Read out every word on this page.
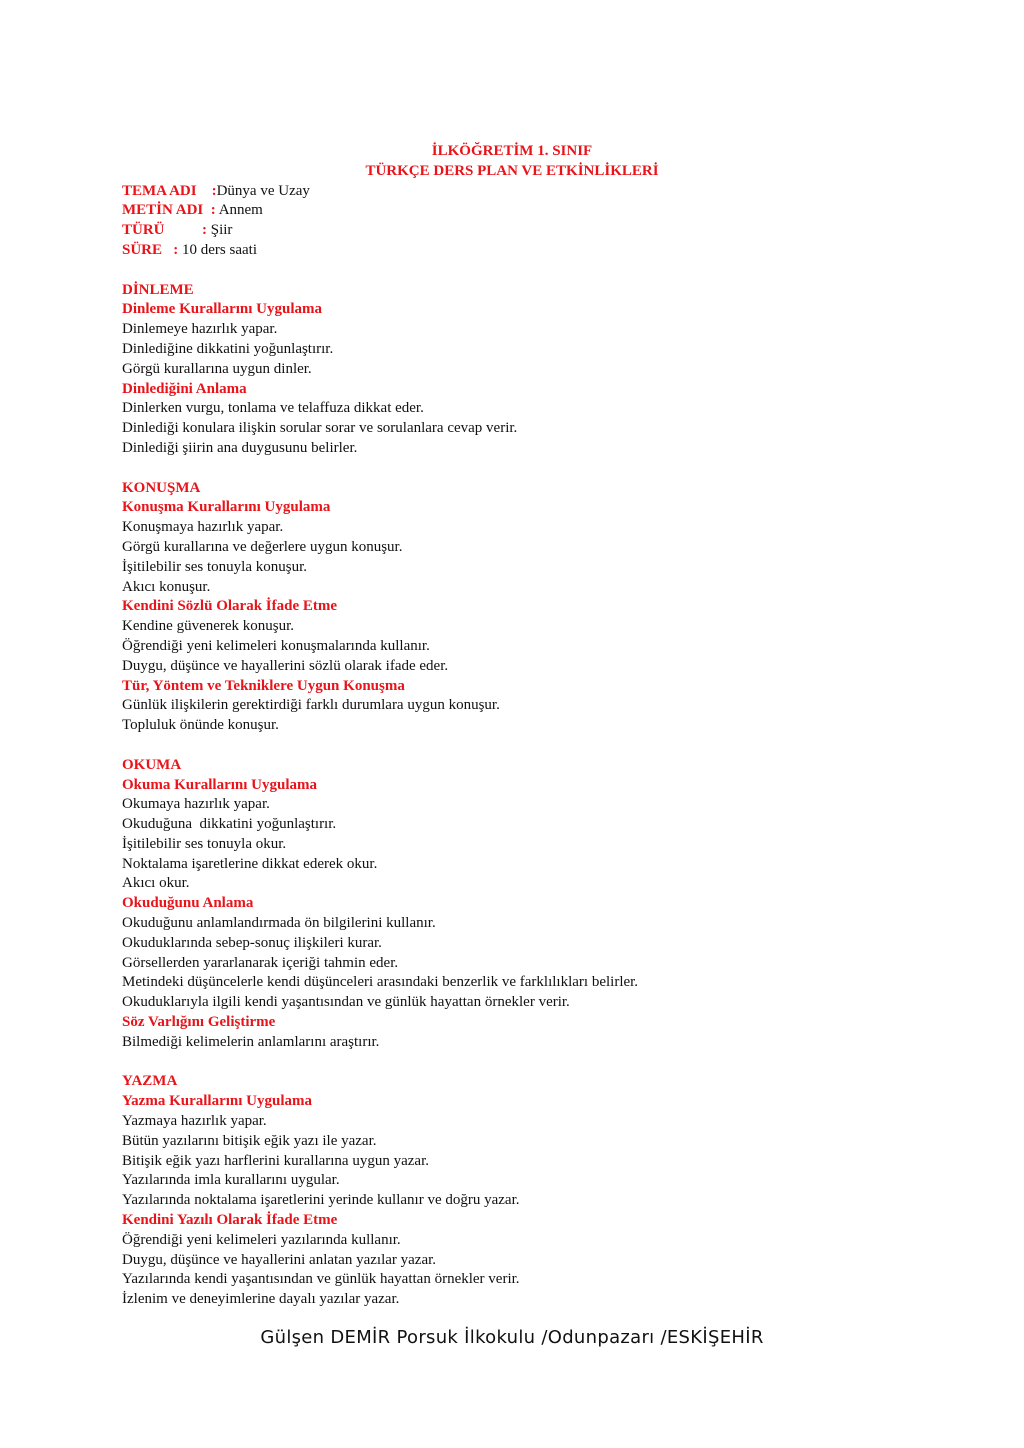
İLKÖĞRETİM 1. SINIF
TÜRKÇE DERS PLAN VE ETKİNLİKLERİ
TEMA ADI    : Dünya ve Uzay
METİN ADI  : Annem
TÜRÜ          : Şiir
SÜRE   : 10 ders saati
DİNLEME
Dinleme Kurallarını Uygulama
Dinlemeye hazırlık yapar.
Dinlediğine dikkatini yoğunlaştırır.
Görgü kurallarına uygun dinler.
Dinlediğini Anlama
Dinlerken vurgu, tonlama ve telaffuza dikkat eder.
Dinlediği konulara ilişkin sorular sorar ve sorulanlara cevap verir.
Dinlediği şiirin ana duygusunu belirler.
KONUŞMA
Konuşma Kurallarını Uygulama
Konuşmaya hazırlık yapar.
Görgü kurallarına ve değerlere uygun konuşur.
İşitilebilir ses tonuyla konuşur.
Akıcı konuşur.
Kendini Sözlü Olarak İfade Etme
Kendine güvenerek konuşur.
Öğrendiği yeni kelimeleri konuşmalarında kullanır.
Duygu, düşünce ve hayallerini sözlü olarak ifade eder.
Tür, Yöntem ve Tekniklere Uygun Konuşma
Günlük ilişkilerin gerektirdiği farklı durumlara uygun konuşur.
Topluluk önünde konuşur.
OKUMA
Okuma Kurallarını Uygulama
Okumaya hazırlık yapar.
Okuduğuna  dikkatini yoğunlaştırır.
İşitilebilir ses tonuyla okur.
Noktalama işaretlerine dikkat ederek okur.
Akıcı okur.
Okuduğunu Anlama
Okuduğunu anlamlandırmada ön bilgilerini kullanır.
Okuduklarında sebep-sonuç ilişkileri kurar.
Görsellerden yararlanarak içeriği tahmin eder.
Metindeki düşüncelerle kendi düşünceleri arasındaki benzerlik ve farklılıkları belirler.
Okuduklarıyla ilgili kendi yaşantısından ve günlük hayattan örnekler verir.
Söz Varlığını Geliştirme
Bilmediği kelimelerin anlamlarını araştırır.
YAZMA
Yazma Kurallarını Uygulama
Yazmaya hazırlık yapar.
Bütün yazılarını bitişik eğik yazı ile yazar.
Bitişik eğik yazı harflerini kurallarına uygun yazar.
Yazılarında imla kurallarını uygular.
Yazılarında noktalama işaretlerini yerinde kullanır ve doğru yazar.
Kendini Yazılı Olarak İfade Etme
Öğrendiği yeni kelimeleri yazılarında kullanır.
Duygu, düşünce ve hayallerini anlatan yazılar yazar.
Yazılarında kendi yaşantısından ve günlük hayattan örnekler verir.
İzlenim ve deneyimlerine dayalı yazılar yazar.
Gülşen DEMİR Porsuk İlkokulu /Odunpazarı /ESKİŞEHİR
